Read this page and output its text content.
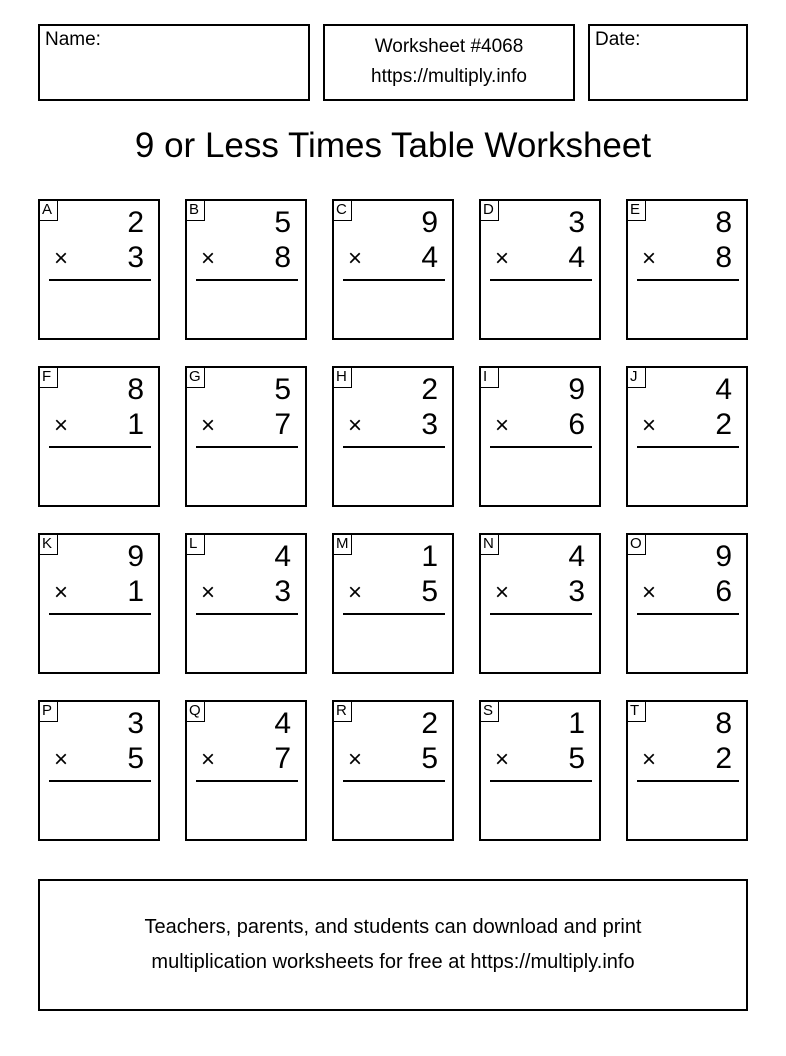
Name:	Worksheet #4068
https://multiply.info
Date:
9 or Less Times Table Worksheet
A	2
× 3
B	5
× 8
C 9
× 4
D 3
× 4
E	8
× 8
F	8
× 1
G 5
× 7
H 2
× 3
I	9
× 6
J	4
× 2
K	9
× 1
L	4
× 3
M 1
× 5
N 4
× 3
O 9
× 6
P	3
× 5
Q 4
× 7
R 2
× 5
S	1
× 5
T	8
× 2
Teachers, parents, and students can download and print
multiplication worksheets for free at https://multiply.info
